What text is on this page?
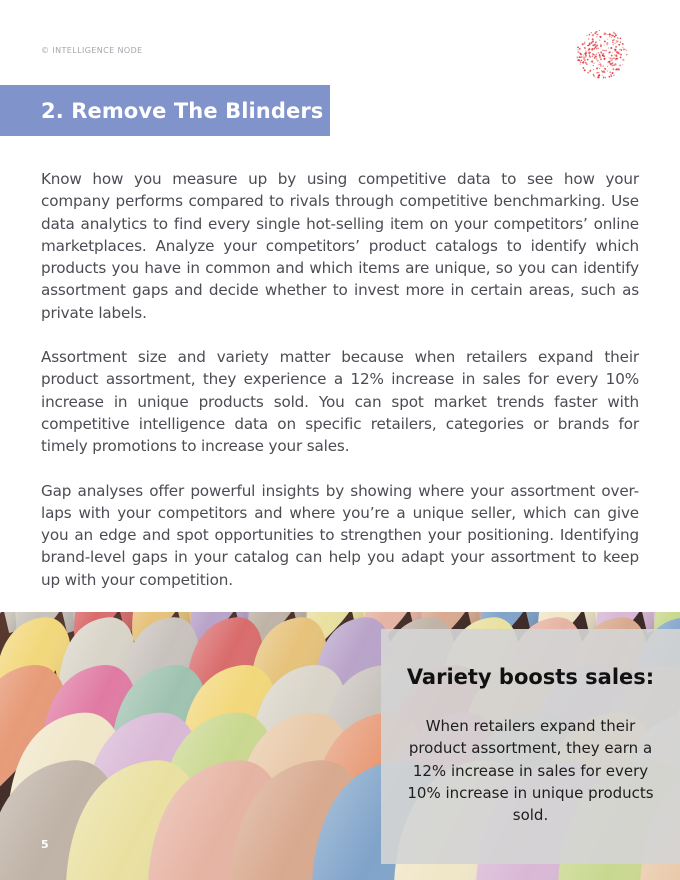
© INTELLIGENCE NODE
2. Remove The Blinders

Know how you measure up by using competitive data to see how your company performs compared to rivals through competitive benchmarking. Use data analytics to find every single hot-selling item on your competitors’ online marketplaces. Analyze your competitors’ product catalogs to identify which products you have in common and which items are unique, so you can identify assortment gaps and decide whether to invest more in certain areas, such as private labels.

Assortment size and variety matter because when retailers expand their product assortment, they experience a 12% increase in sales for every 10% increase in unique products sold. You can spot market trends faster with competitive intelligence data on specific retailers, categories or brands for timely promotions to increase your sales.

Gap analyses offer powerful insights by showing where your assortment over-laps with your competitors and where you’re a unique seller, which can give you an edge and spot opportunities to strengthen your positioning. Identifying brand-level gaps in your catalog can help you adapt your assortment to keep up with your competition.

Variety boosts sales:

When retailers expand their product assortment, they earn a 12% increase in sales for every 10% increase in unique products sold.

5
